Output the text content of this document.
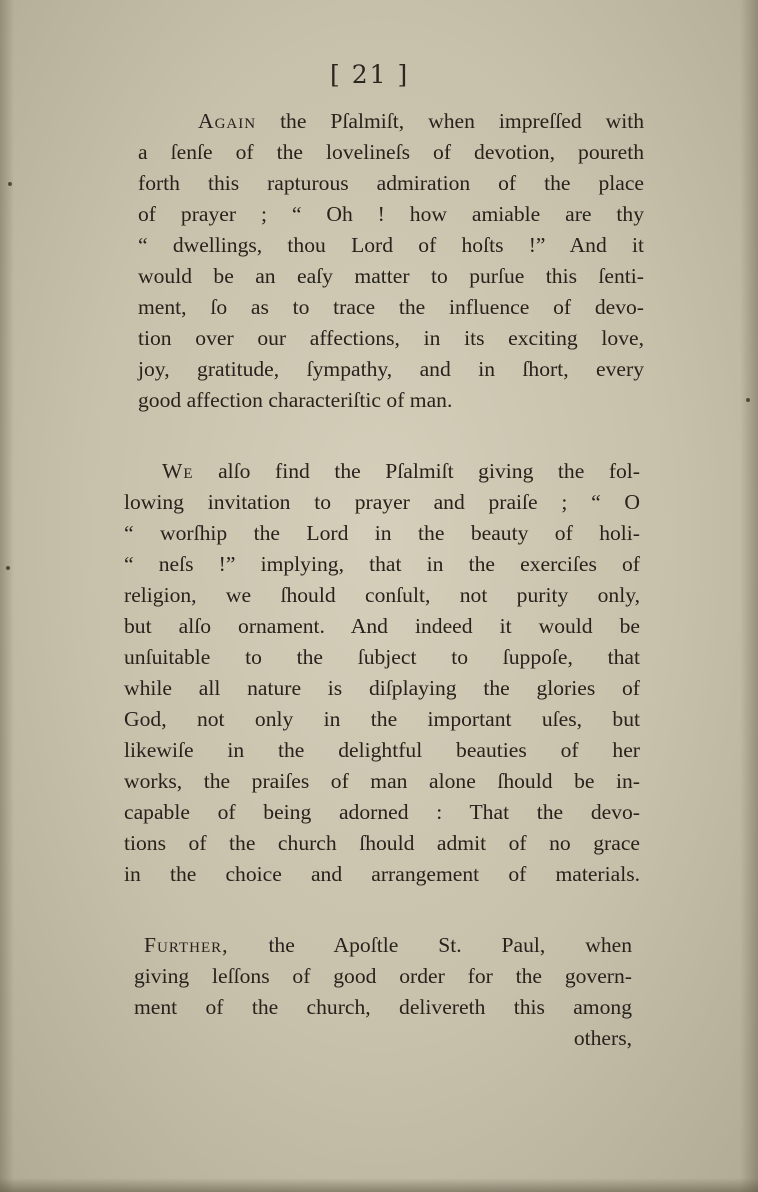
[ 21 ]
Again the Pſalmiſt, when impreſſed with
a ſenſe of the lovelineſs of devotion, poureth
forth this rapturous admiration of the place
of prayer ; “ Oh ! how amiable are thy
“ dwellings, thou Lord of hoſts !” And it
would be an eaſy matter to purſue this ſenti-
ment, ſo as to trace the influence of devo-
tion over our affections, in its exciting love,
joy, gratitude, ſympathy, and in ſhort, every
good affection characteriſtic of man.
We alſo find the Pſalmiſt giving the fol-
lowing invitation to prayer and praiſe ; “ O
“ worſhip the Lord in the beauty of holi-
“ neſs !” implying, that in the exerciſes of
religion, we ſhould conſult, not purity only,
but alſo ornament. And indeed it would be
unſuitable to the ſubject to ſuppoſe, that
while all nature is diſplaying the glories of
God, not only in the important uſes, but
likewiſe in the delightful beauties of her
works, the praiſes of man alone ſhould be in-
capable of being adorned : That the devo-
tions of the church ſhould admit of no grace
in the choice and arrangement of materials.
Further, the Apoſtle St. Paul, when
giving leſſons of good order for the govern-
ment of the church, delivereth this among
others,
